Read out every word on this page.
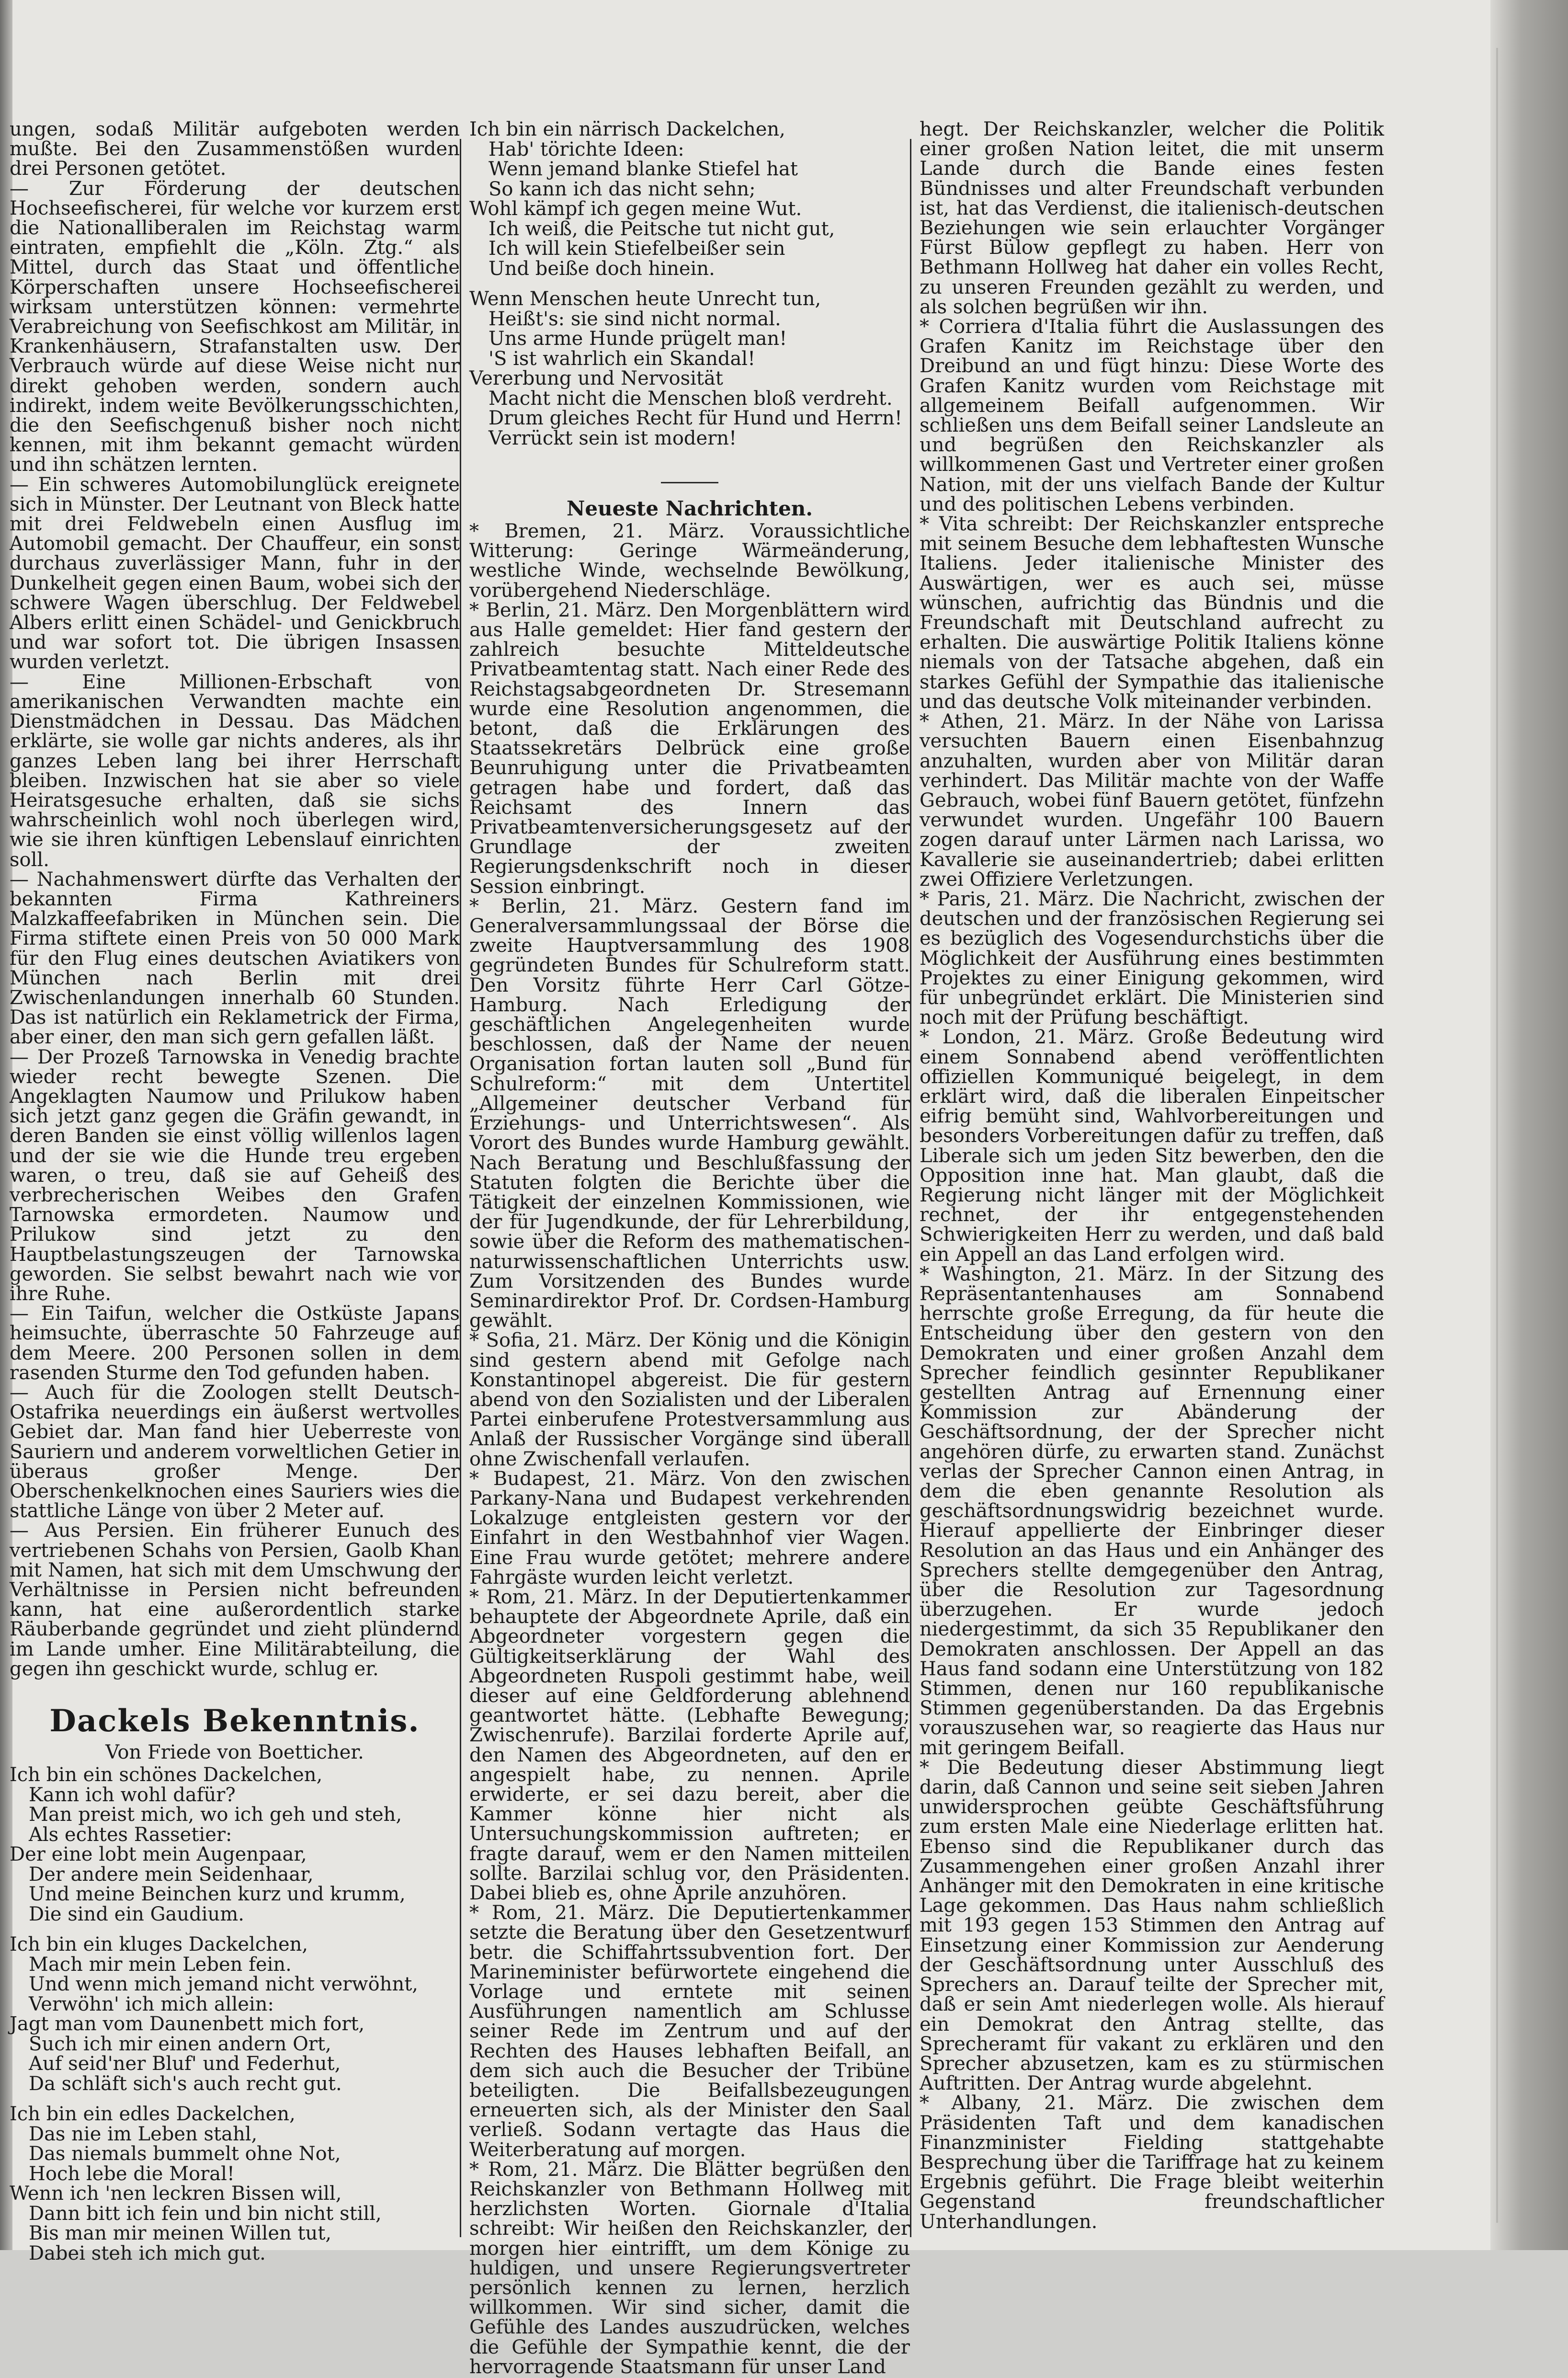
ungen, sodaß Militär aufgeboten werden mußte. Bei den Zusammenstößen wurden drei Personen getötet.

— Zur Förderung der deutschen Hochseefischerei, für welche vor kurzem erst die Nationalliberalen im Reichstag warm eintraten, empfiehlt die „Köln. Ztg.“ als Mittel, durch das Staat und öffentliche Körperschaften unsere Hochseefischerei wirksam unterstützen können: vermehrte Verabreichung von Seefischkost am Militär, in Krankenhäusern, Strafanstalten usw. Der Verbrauch würde auf diese Weise nicht nur direkt gehoben werden, sondern auch indirekt, indem weite Bevölkerungsschichten, die den Seefischgenuß bisher noch nicht kennen, mit ihm bekannt gemacht würden und ihn schätzen lernten.

— Ein schweres Automobilunglück ereignete sich in Münster. Der Leutnant von Bleck hatte mit drei Feldwebeln einen Ausflug im Automobil gemacht. Der Chauffeur, ein sonst durchaus zuverlässiger Mann, fuhr in der Dunkelheit gegen einen Baum, wobei sich der schwere Wagen überschlug. Der Feldwebel Albers erlitt einen Schädel- und Genickbruch und war sofort tot. Die übrigen Insassen wurden verletzt.

— Eine Millionen-Erbschaft von amerikanischen Verwandten machte ein Dienstmädchen in Dessau. Das Mädchen erklärte, sie wolle gar nichts anderes, als ihr ganzes Leben lang bei ihrer Herrschaft bleiben. Inzwischen hat sie aber so viele Heiratsgesuche erhalten, daß sie sichs wahrscheinlich wohl noch überlegen wird, wie sie ihren künftigen Lebenslauf einrichten soll.

— Nachahmenswert dürfte das Verhalten der bekannten Firma Kathreiners Malzkaffeefabriken in München sein. Die Firma stiftete einen Preis von 50 000 Mark für den Flug eines deutschen Aviatikers von München nach Berlin mit drei Zwischenlandungen innerhalb 60 Stunden. Das ist natürlich ein Reklametrick der Firma, aber einer, den man sich gern gefallen läßt.

— Der Prozeß Tarnowska in Venedig brachte wieder recht bewegte Szenen. Die Angeklagten Naumow und Prilukow haben sich jetzt ganz gegen die Gräfin gewandt, in deren Banden sie einst völlig willenlos lagen und der sie wie die Hunde treu ergeben waren, o treu, daß sie auf Geheiß des verbrecherischen Weibes den Grafen Tarnowska ermordeten. Naumow und Prilukow sind jetzt zu den Hauptbelastungszeugen der Tarnowska geworden. Sie selbst bewahrt nach wie vor ihre Ruhe.

— Ein Taifun, welcher die Ostküste Japans heimsuchte, überraschte 50 Fahrzeuge auf dem Meere. 200 Personen sollen in dem rasenden Sturme den Tod gefunden haben.

— Auch für die Zoologen stellt Deutsch-Ostafrika neuerdings ein äußerst wertvolles Gebiet dar. Man fand hier Ueberreste von Sauriern und anderem vorweltlichen Getier in überaus großer Menge. Der Oberschenkelknochen eines Sauriers wies die stattliche Länge von über 2 Meter auf.

— Aus Persien. Ein früherer Eunuch des vertriebenen Schahs von Persien, Gaolb Khan mit Namen, hat sich mit dem Umschwung der Verhältnisse in Persien nicht befreunden kann, hat eine außerordentlich starke Räuberbande gegründet und zieht plündernd im Lande umher. Eine Militärabteilung, die gegen ihn geschickt wurde, schlug er.

Dackels Bekenntnis.
Von Friede von Boetticher.
Ich bin ein schönes Dackelchen,
Kann ich wohl dafür?
Man preist mich, wo ich geh und steh,
Als echtes Rassetier:
Der eine lobt mein Augenpaar,
Der andere mein Seidenhaar,
Und meine Beinchen kurz und krumm,
Die sind ein Gaudium.
Ich bin ein kluges Dackelchen,
Mach mir mein Leben fein.
Und wenn mich jemand nicht verwöhnt,
Verwöhn' ich mich allein:
Jagt man vom Daunenbett mich fort,
Such ich mir einen andern Ort,
Auf seid'ner Bluf' und Federhut,
Da schläft sich's auch recht gut.
Ich bin ein edles Dackelchen,
Das nie im Leben stahl,
Das niemals bummelt ohne Not,
Hoch lebe die Moral!
Wenn ich 'nen leckren Bissen will,
Dann bitt ich fein und bin nicht still,
Bis man mir meinen Willen tut,
Dabei steh ich mich gut.
Ich bin ein närrisch Dackelchen,
Hab' törichte Ideen:
Wenn jemand blanke Stiefel hat
So kann ich das nicht sehn;
Wohl kämpf ich gegen meine Wut.
Ich weiß, die Peitsche tut nicht gut,
Ich will kein Stiefelbeißer sein
Und beiße doch hinein.
Wenn Menschen heute Unrecht tun,
Heißt's: sie sind nicht normal.
Uns arme Hunde prügelt man!
'S ist wahrlich ein Skandal!
Vererbung und Nervosität
Macht nicht die Menschen bloß verdreht.
Drum gleiches Recht für Hund und Herrn!
Verrückt sein ist modern!
Neueste Nachrichten.

* Bremen, 21. März. Voraussichtliche Witterung: Geringe Wärmeänderung, westliche Winde, wechselnde Bewölkung, vorübergehend Niederschläge.

* Berlin, 21. März. Den Morgenblättern wird aus Halle gemeldet: Hier fand gestern der zahlreich besuchte Mitteldeutsche Privatbeamtentag statt. Nach einer Rede des Reichstagsabgeordneten Dr. Stresemann wurde eine Resolution angenommen, die betont, daß die Erklärungen des Staatssekretärs Delbrück eine große Beunruhigung unter die Privatbeamten getragen habe und fordert, daß das Reichsamt des Innern das Privatbeamtenversicherungsgesetz auf der Grundlage der zweiten Regierungsdenkschrift noch in dieser Session einbringt.

* Berlin, 21. März. Gestern fand im Generalversammlungssaal der Börse die zweite Hauptversammlung des 1908 gegründeten Bundes für Schulreform statt. Den Vorsitz führte Herr Carl Götze-Hamburg. Nach Erledigung der geschäftlichen Angelegenheiten wurde beschlossen, daß der Name der neuen Organisation fortan lauten soll „Bund für Schulreform:“ mit dem Untertitel „Allgemeiner deutscher Verband für Erziehungs- und Unterrichtswesen“. Als Vorort des Bundes wurde Hamburg gewählt. Nach Beratung und Beschlußfassung der Statuten folgten die Berichte über die Tätigkeit der einzelnen Kommissionen, wie der für Jugendkunde, der für Lehrerbildung, sowie über die Reform des mathematischen-naturwissenschaftlichen Unterrichts usw. Zum Vorsitzenden des Bundes wurde Seminardirektor Prof. Dr. Cordsen-Hamburg gewählt.

* Sofia, 21. März. Der König und die Königin sind gestern abend mit Gefolge nach Konstantinopel abgereist. Die für gestern abend von den Sozialisten und der Liberalen Partei einberufene Protestversammlung aus Anlaß der Russischer Vorgänge sind überall ohne Zwischenfall verlaufen.

* Budapest, 21. März. Von den zwischen Parkany-Nana und Budapest verkehrenden Lokalzuge entgleisten gestern vor der Einfahrt in den Westbahnhof vier Wagen. Eine Frau wurde getötet; mehrere andere Fahrgäste wurden leicht verletzt.

* Rom, 21. März. In der Deputiertenkammer behauptete der Abgeordnete Aprile, daß ein Abgeordneter vorgestern gegen die Gültigkeitserklärung der Wahl des Abgeordneten Ruspoli gestimmt habe, weil dieser auf eine Geldforderung ablehnend geantwortet hätte. (Lebhafte Bewegung; Zwischenrufe). Barzilai forderte Aprile auf, den Namen des Abgeordneten, auf den er angespielt habe, zu nennen. Aprile erwiderte, er sei dazu bereit, aber die Kammer könne hier nicht als Untersuchungskommission auftreten; er fragte darauf, wem er den Namen mitteilen sollte. Barzilai schlug vor, den Präsidenten. Dabei blieb es, ohne Aprile anzuhören.

* Rom, 21. März. Die Deputiertenkammer setzte die Beratung über den Gesetzentwurf betr. die Schiffahrtssubvention fort. Der Marineminister befürwortete eingehend die Vorlage und erntete mit seinen Ausführungen namentlich am Schlusse seiner Rede im Zentrum und auf der Rechten des Hauses lebhaften Beifall, an dem sich auch die Besucher der Tribüne beteiligten. Die Beifallsbezeugungen erneuerten sich, als der Minister den Saal verließ. Sodann vertagte das Haus die Weiterberatung auf morgen.

* Rom, 21. März. Die Blätter begrüßen den Reichskanzler von Bethmann Hollweg mit herzlichsten Worten. Giornale d'Italia schreibt: Wir heißen den Reichskanzler, der morgen hier eintrifft, um dem Könige zu huldigen, und unsere Regierungsvertreter persönlich kennen zu lernen, herzlich willkommen. Wir sind sicher, damit die Gefühle des Landes auszudrücken, welches die Gefühle der Sympathie kennt, die der hervorragende Staatsmann für unser Land

hegt. Der Reichskanzler, welcher die Politik einer großen Nation leitet, die mit unserm Lande durch die Bande eines festen Bündnisses und alter Freundschaft verbunden ist, hat das Verdienst, die italienisch-deutschen Beziehungen wie sein erlauchter Vorgänger Fürst Bülow gepflegt zu haben. Herr von Bethmann Hollweg hat daher ein volles Recht, zu unseren Freunden gezählt zu werden, und als solchen begrüßen wir ihn.

* Corriera d'Italia führt die Auslassungen des Grafen Kanitz im Reichstage über den Dreibund an und fügt hinzu: Diese Worte des Grafen Kanitz wurden vom Reichstage mit allgemeinem Beifall aufgenommen. Wir schließen uns dem Beifall seiner Landsleute an und begrüßen den Reichskanzler als willkommenen Gast und Vertreter einer großen Nation, mit der uns vielfach Bande der Kultur und des politischen Lebens verbinden.

* Vita schreibt: Der Reichskanzler entspreche mit seinem Besuche dem lebhaftesten Wunsche Italiens. Jeder italienische Minister des Auswärtigen, wer es auch sei, müsse wünschen, aufrichtig das Bündnis und die Freundschaft mit Deutschland aufrecht zu erhalten. Die auswärtige Politik Italiens könne niemals von der Tatsache abgehen, daß ein starkes Gefühl der Sympathie das italienische und das deutsche Volk miteinander verbinden.

* Athen, 21. März. In der Nähe von Larissa versuchten Bauern einen Eisenbahnzug anzuhalten, wurden aber von Militär daran verhindert. Das Militär machte von der Waffe Gebrauch, wobei fünf Bauern getötet, fünfzehn verwundet wurden. Ungefähr 100 Bauern zogen darauf unter Lärmen nach Larissa, wo Kavallerie sie auseinandertrieb; dabei erlitten zwei Offiziere Verletzungen.

* Paris, 21. März. Die Nachricht, zwischen der deutschen und der französischen Regierung sei es bezüglich des Vogesendurchstichs über die Möglichkeit der Ausführung eines bestimmten Projektes zu einer Einigung gekommen, wird für unbegründet erklärt. Die Ministerien sind noch mit der Prüfung beschäftigt.

* London, 21. März. Große Bedeutung wird einem Sonnabend abend veröffentlichten offiziellen Kommuniqué beigelegt, in dem erklärt wird, daß die liberalen Einpeitscher eifrig bemüht sind, Wahlvorbereitungen und besonders Vorbereitungen dafür zu treffen, daß Liberale sich um jeden Sitz bewerben, den die Opposition inne hat. Man glaubt, daß die Regierung nicht länger mit der Möglichkeit rechnet, der ihr entgegenstehenden Schwierigkeiten Herr zu werden, und daß bald ein Appell an das Land erfolgen wird.

* Washington, 21. März. In der Sitzung des Repräsentantenhauses am Sonnabend herrschte große Erregung, da für heute die Entscheidung über den gestern von den Demokraten und einer großen Anzahl dem Sprecher feindlich gesinnter Republikaner gestellten Antrag auf Ernennung einer Kommission zur Abänderung der Geschäftsordnung, der der Sprecher nicht angehören dürfe, zu erwarten stand. Zunächst verlas der Sprecher Cannon einen Antrag, in dem die eben genannte Resolution als geschäftsordnungswidrig bezeichnet wurde. Hierauf appellierte der Einbringer dieser Resolution an das Haus und ein Anhänger des Sprechers stellte demgegenüber den Antrag, über die Resolution zur Tagesordnung überzugehen. Er wurde jedoch niedergestimmt, da sich 35 Republikaner den Demokraten anschlossen. Der Appell an das Haus fand sodann eine Unterstützung von 182 Stimmen, denen nur 160 republikanische Stimmen gegenüberstanden. Da das Ergebnis vorauszusehen war, so reagierte das Haus nur mit geringem Beifall.

* Die Bedeutung dieser Abstimmung liegt darin, daß Cannon und seine seit sieben Jahren unwidersprochen geübte Geschäftsführung zum ersten Male eine Niederlage erlitten hat. Ebenso sind die Republikaner durch das Zusammengehen einer großen Anzahl ihrer Anhänger mit den Demokraten in eine kritische Lage gekommen. Das Haus nahm schließlich mit 193 gegen 153 Stimmen den Antrag auf Einsetzung einer Kommission zur Aenderung der Geschäftsordnung unter Ausschluß des Sprechers an. Darauf teilte der Sprecher mit, daß er sein Amt niederlegen wolle. Als hierauf ein Demokrat den Antrag stellte, das Sprecheramt für vakant zu erklären und den Sprecher abzusetzen, kam es zu stürmischen Auftritten. Der Antrag wurde abgelehnt.

* Albany, 21. März. Die zwischen dem Präsidenten Taft und dem kanadischen Finanzminister Fielding stattgehabte Besprechung über die Tariffrage hat zu keinem Ergebnis geführt. Die Frage bleibt weiterhin Gegenstand freundschaftlicher Unterhandlungen.
